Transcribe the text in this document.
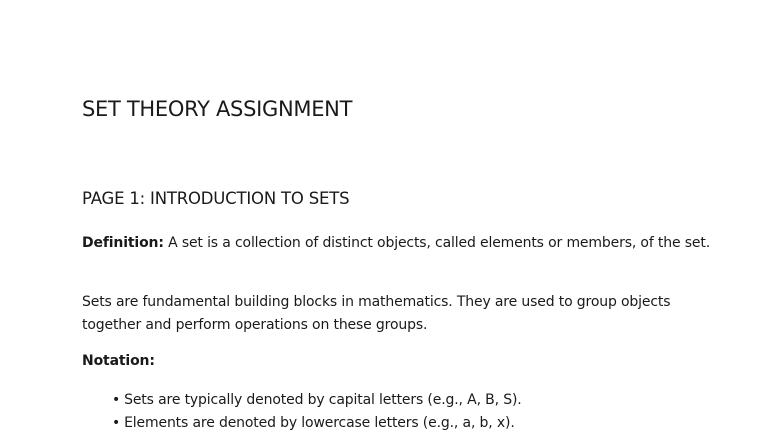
SET THEORY ASSIGNMENT
PAGE 1: INTRODUCTION TO SETS

Definition: A set is a collection of distinct objects, called elements or members, of the set.

Sets are fundamental building blocks in mathematics. They are used to group objects together and perform operations on these groups.

Notation:

• Sets are typically denoted by capital letters (e.g., A, B, S).
• Elements are denoted by lowercase letters (e.g., a, b, x).
